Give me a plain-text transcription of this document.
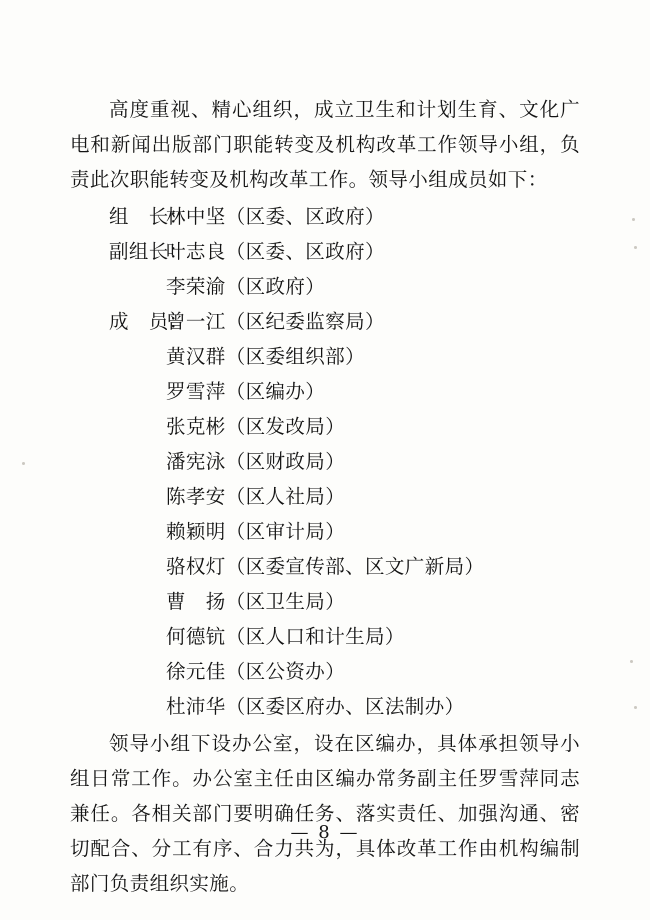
高度重视、精心组织，成立卫生和计划生育、文化广电和新闻出版部门职能转变及机构改革工作领导小组，负责此次职能转变及机构改革工作。领导小组成员如下：

组　长：
林中坚（区委、区政府）
副组长：
叶志良（区委、区政府）
李荣渝（区政府）
成　员：
曾一江（区纪委监察局）
黄汉群（区委组织部）
罗雪萍（区编办）
张克彬（区发改局）
潘宪泳（区财政局）
陈孝安（区人社局）
赖颖明（区审计局）
骆权灯（区委宣传部、区文广新局）
曹　扬（区卫生局）
何德钪（区人口和计生局）
徐元佳（区公资办）
杜沛华（区委区府办、区法制办）

领导小组下设办公室，设在区编办，具体承担领导小组日常工作。办公室主任由区编办常务副主任罗雪萍同志兼任。各相关部门要明确任务、落实责任、加强沟通、密切配合、分工有序、合力共为，具体改革工作由机构编制部门负责组织实施。

— 8 —
